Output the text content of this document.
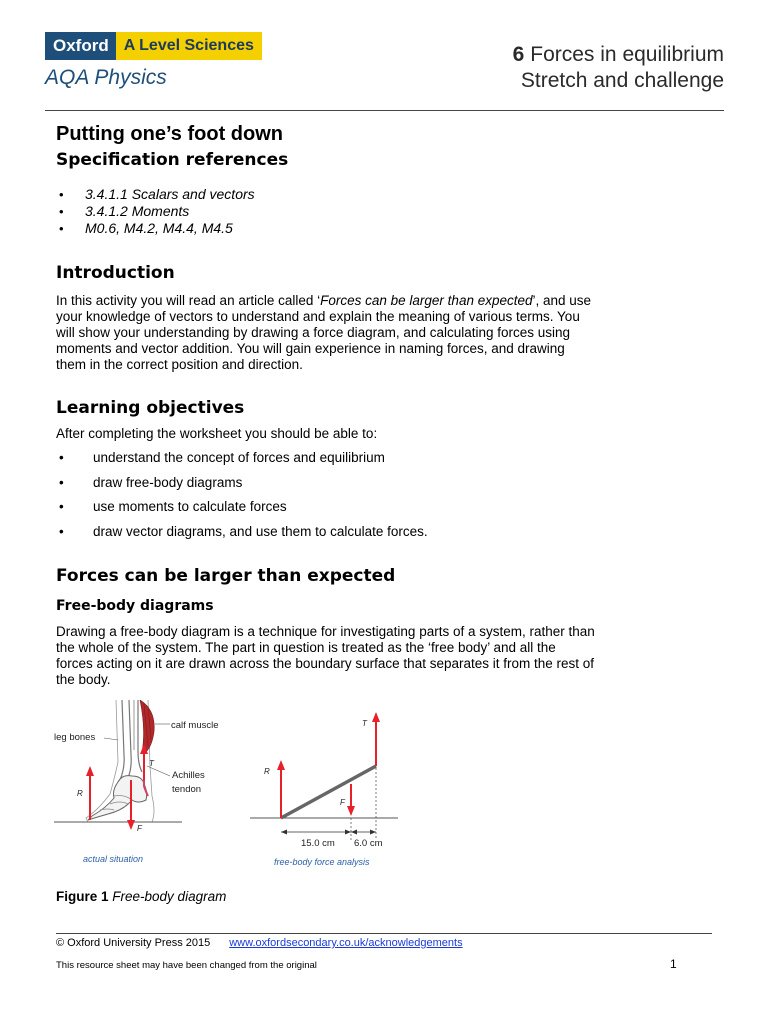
Oxford A Level Sciences
AQA Physics
6 Forces in equilibrium
Stretch and challenge
Putting one’s foot down
Specification references
• 3.4.1.1 Scalars and vectors
• 3.4.1.2 Moments
• M0.6, M4.2, M4.4, M4.5
Introduction

In this activity you will read an article called ‘Forces can be larger than expected’, and use your knowledge of vectors to understand and explain the meaning of various terms. You will show your understanding by drawing a force diagram, and calculating forces using moments and vector addition. You will gain experience in naming forces, and drawing them in the correct position and direction.

Learning objectives

After completing the worksheet you should be able to:

• understand the concept of forces and equilibrium
• draw free-body diagrams
• use moments to calculate forces
• draw vector diagrams, and use them to calculate forces.
Forces can be larger than expected
Free-body diagrams

Drawing a free-body diagram is a technique for investigating parts of a system, rather than the whole of the system. The part in question is treated as the ‘free body’ and all the forces acting on it are drawn across the boundary surface that separates it from the rest of the body.

leg bones
calf muscle
Achilles
tendon
T
R
F
actual situation
T
R
F
15.0 cm 6.0 cm
free-body force analysis
Figure 1 Free-body diagram
© Oxford University Press 2015 www.oxfordsecondary.co.uk/acknowledgements
This resource sheet may have been changed from the original	1
